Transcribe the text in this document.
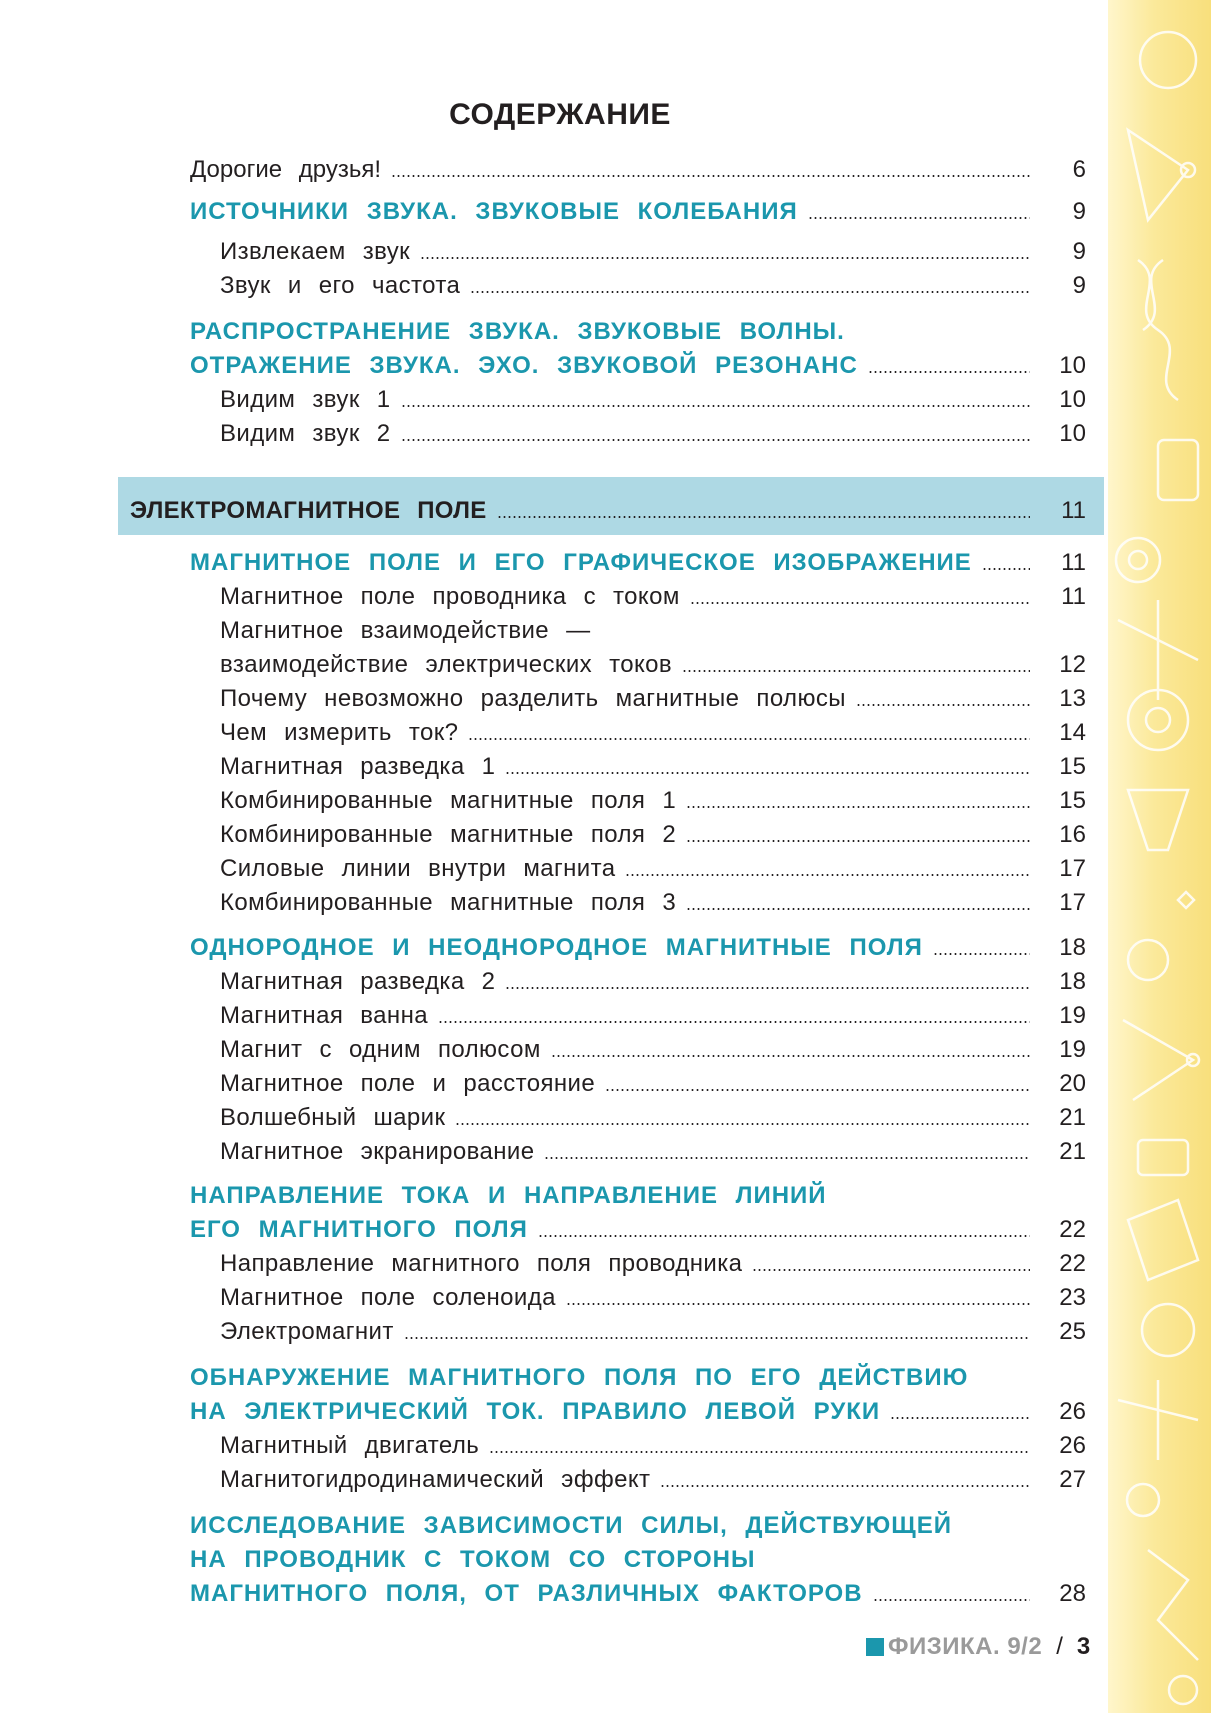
СОДЕРЖАНИЕ
Дорогие друзья!	6
ИСТОЧНИКИ ЗВУКА. ЗВУКОВЫЕ КОЛЕБАНИЯ	9
Извлекаем звук	9
Звук и его частота	9
РАСПРОСТРАНЕНИЕ ЗВУКА. ЗВУКОВЫЕ ВОЛНЫ.
ОТРАЖЕНИЕ ЗВУКА. ЭХО. ЗВУКОВОЙ РЕЗОНАНС	10
Видим звук 1	10
Видим звук 2	10
ЭЛЕКТРОМАГНИТНОЕ ПОЛЕ	11
МАГНИТНОЕ ПОЛЕ И ЕГО ГРАФИЧЕСКОЕ ИЗОБРАЖЕНИЕ	11
Магнитное поле проводника с током	11
Магнитное взаимодействие —
взаимодействие электрических токов	12
Почему невозможно разделить магнитные полюсы	13
Чем измерить ток?	14
Магнитная разведка 1	15
Комбинированные магнитные поля 1	15
Комбинированные магнитные поля 2	16
Силовые линии внутри магнита	17
Комбинированные магнитные поля 3	17
ОДНОРОДНОЕ И НЕОДНОРОДНОЕ МАГНИТНЫЕ ПОЛЯ	18
Магнитная разведка 2	18
Магнитная ванна	19
Магнит с одним полюсом	19
Магнитное поле и расстояние	20
Волшебный шарик	21
Магнитное экранирование	21
НАПРАВЛЕНИЕ ТОКА И НАПРАВЛЕНИЕ ЛИНИЙ
ЕГО МАГНИТНОГО ПОЛЯ	22
Направление магнитного поля проводника	22
Магнитное поле соленоида	23
Электромагнит	25
ОБНАРУЖЕНИЕ МАГНИТНОГО ПОЛЯ ПО ЕГО ДЕЙСТВИЮ
НА ЭЛЕКТРИЧЕСКИЙ ТОК. ПРАВИЛО ЛЕВОЙ РУКИ	26
Магнитный двигатель	26
Магнитогидродинамический эффект	27
ИССЛЕДОВАНИЕ ЗАВИСИМОСТИ СИЛЫ, ДЕЙСТВУЮЩЕЙ
НА ПРОВОДНИК С ТОКОМ СО СТОРОНЫ
МАГНИТНОГО ПОЛЯ, ОТ РАЗЛИЧНЫХ ФАКТОРОВ	28
ФИЗИКА. 9/2 / 3
